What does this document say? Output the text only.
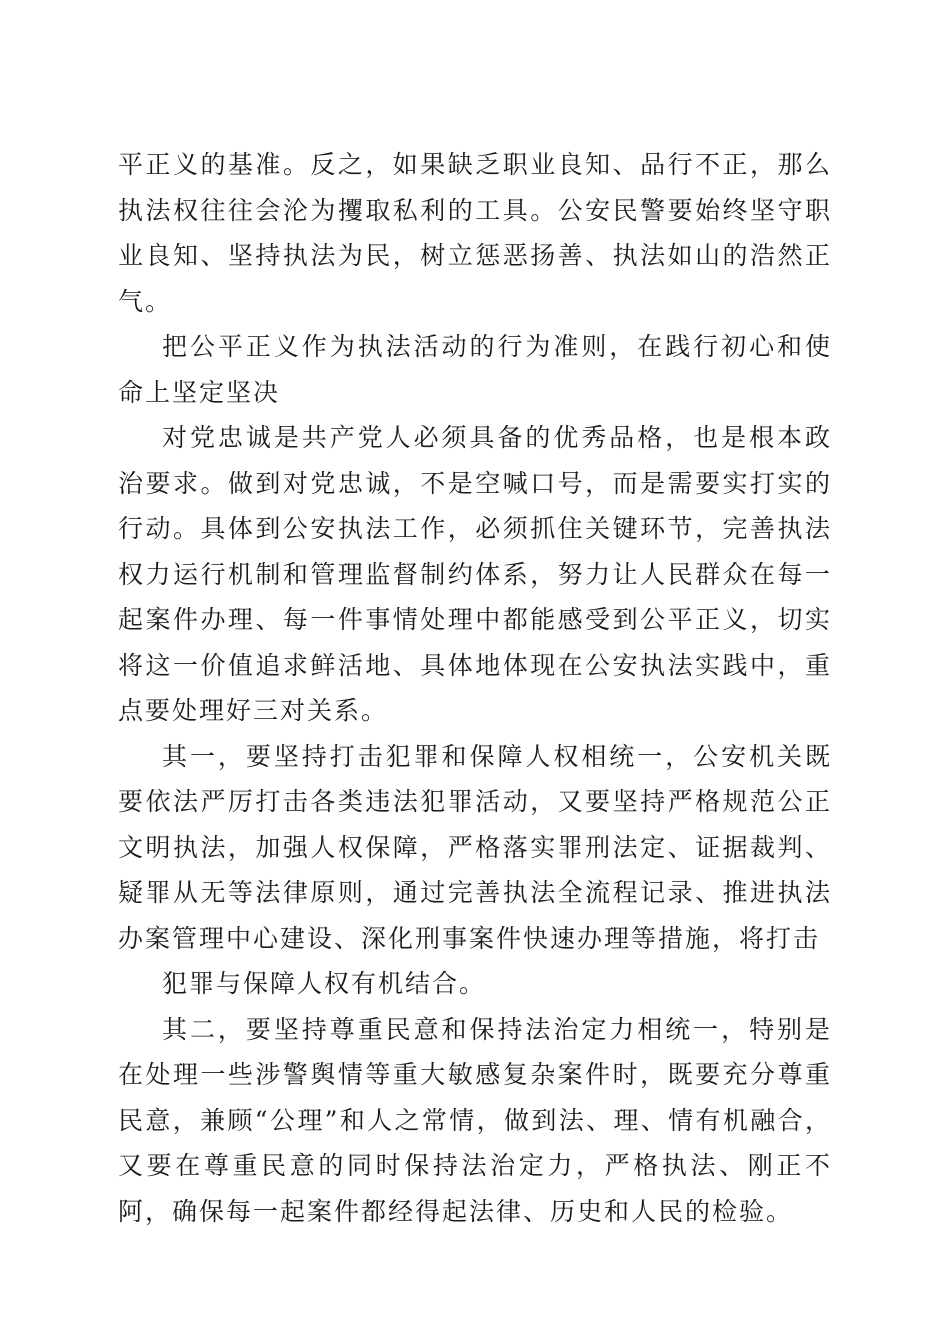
平正义的基准。反之，如果缺乏职业良知、品行不正，那么执法权往往会沦为攫取私利的工具。公安民警要始终坚守职业良知、坚持执法为民，树立惩恶扬善、执法如山的浩然正气。

把公平正义作为执法活动的行为准则，在践行初心和使命上坚定坚决

对党忠诚是共产党人必须具备的优秀品格，也是根本政治要求。做到对党忠诚，不是空喊口号，而是需要实打实的行动。具体到公安执法工作，必须抓住关键环节，完善执法权力运行机制和管理监督制约体系，努力让人民群众在每一起案件办理、每一件事情处理中都能感受到公平正义，切实将这一价值追求鲜活地、具体地体现在公安执法实践中，重点要处理好三对关系。

其一，要坚持打击犯罪和保障人权相统一，公安机关既要依法严厉打击各类违法犯罪活动，又要坚持严格规范公正文明执法，加强人权保障，严格落实罪刑法定、证据裁判、疑罪从无等法律原则，通过完善执法全流程记录、推进执法办案管理中心建设、深化刑事案件快速办理等措施，将打击

犯罪与保障人权有机结合。

其二，要坚持尊重民意和保持法治定力相统一，特别是在处理一些涉警舆情等重大敏感复杂案件时，既要充分尊重民意，兼顾“公理”和人之常情，做到法、理、情有机融合，又要在尊重民意的同时保持法治定力，严格执法、刚正不阿，确保每一起案件都经得起法律、历史和人民的检验。
